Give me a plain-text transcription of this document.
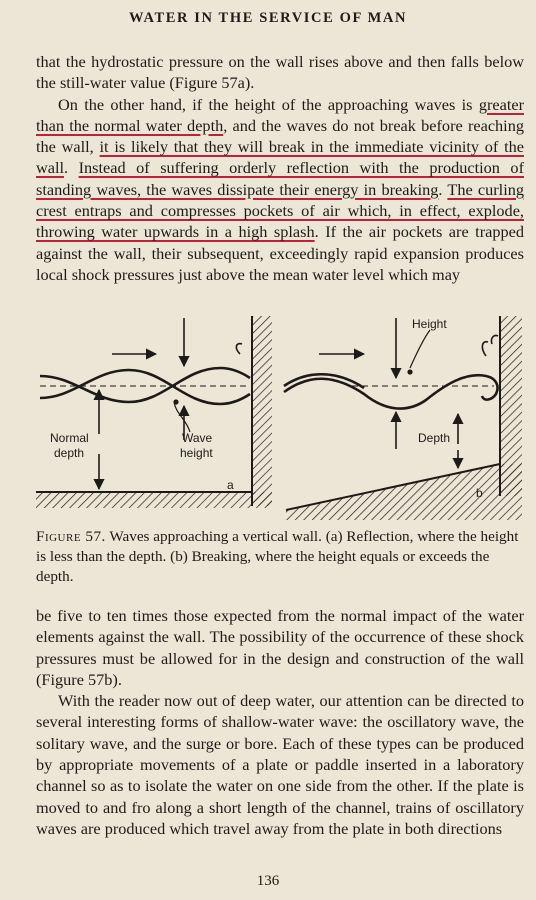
WATER IN THE SERVICE OF MAN

that the hydrostatic pressure on the wall rises above and then falls below the still-water value (Figure 57a).

On the other hand, if the height of the approaching waves is greater than the normal water depth, and the waves do not break before reaching the wall, it is likely that they will break in the immediate vicinity of the wall. Instead of suffering orderly reflection with the production of standing waves, the waves dissipate their energy in breaking. The curling crest entraps and compresses pockets of air which, in effect, explode, throwing water upwards in a high splash. If the air pockets are trapped against the wall, their subsequent, exceedingly rapid expansion produces local shock pressures just above the mean water level which may

Normal
depth
Wave
height
a
Height
Depth
b
Figure 57. Waves approaching a vertical wall. (a) Reflection, where the height is less than the depth. (b) Breaking, where the height equals or exceeds the depth.

be five to ten times those expected from the normal impact of the water elements against the wall. The possibility of the occurrence of these shock pressures must be allowed for in the design and construction of the wall (Figure 57b).

With the reader now out of deep water, our attention can be directed to several interesting forms of shallow-water wave: the oscillatory wave, the solitary wave, and the surge or bore. Each of these types can be produced by appropriate movements of a plate or paddle inserted in a laboratory channel so as to isolate the water on one side from the other. If the plate is moved to and fro along a short length of the channel, trains of oscillatory waves are produced which travel away from the plate in both directions

136
